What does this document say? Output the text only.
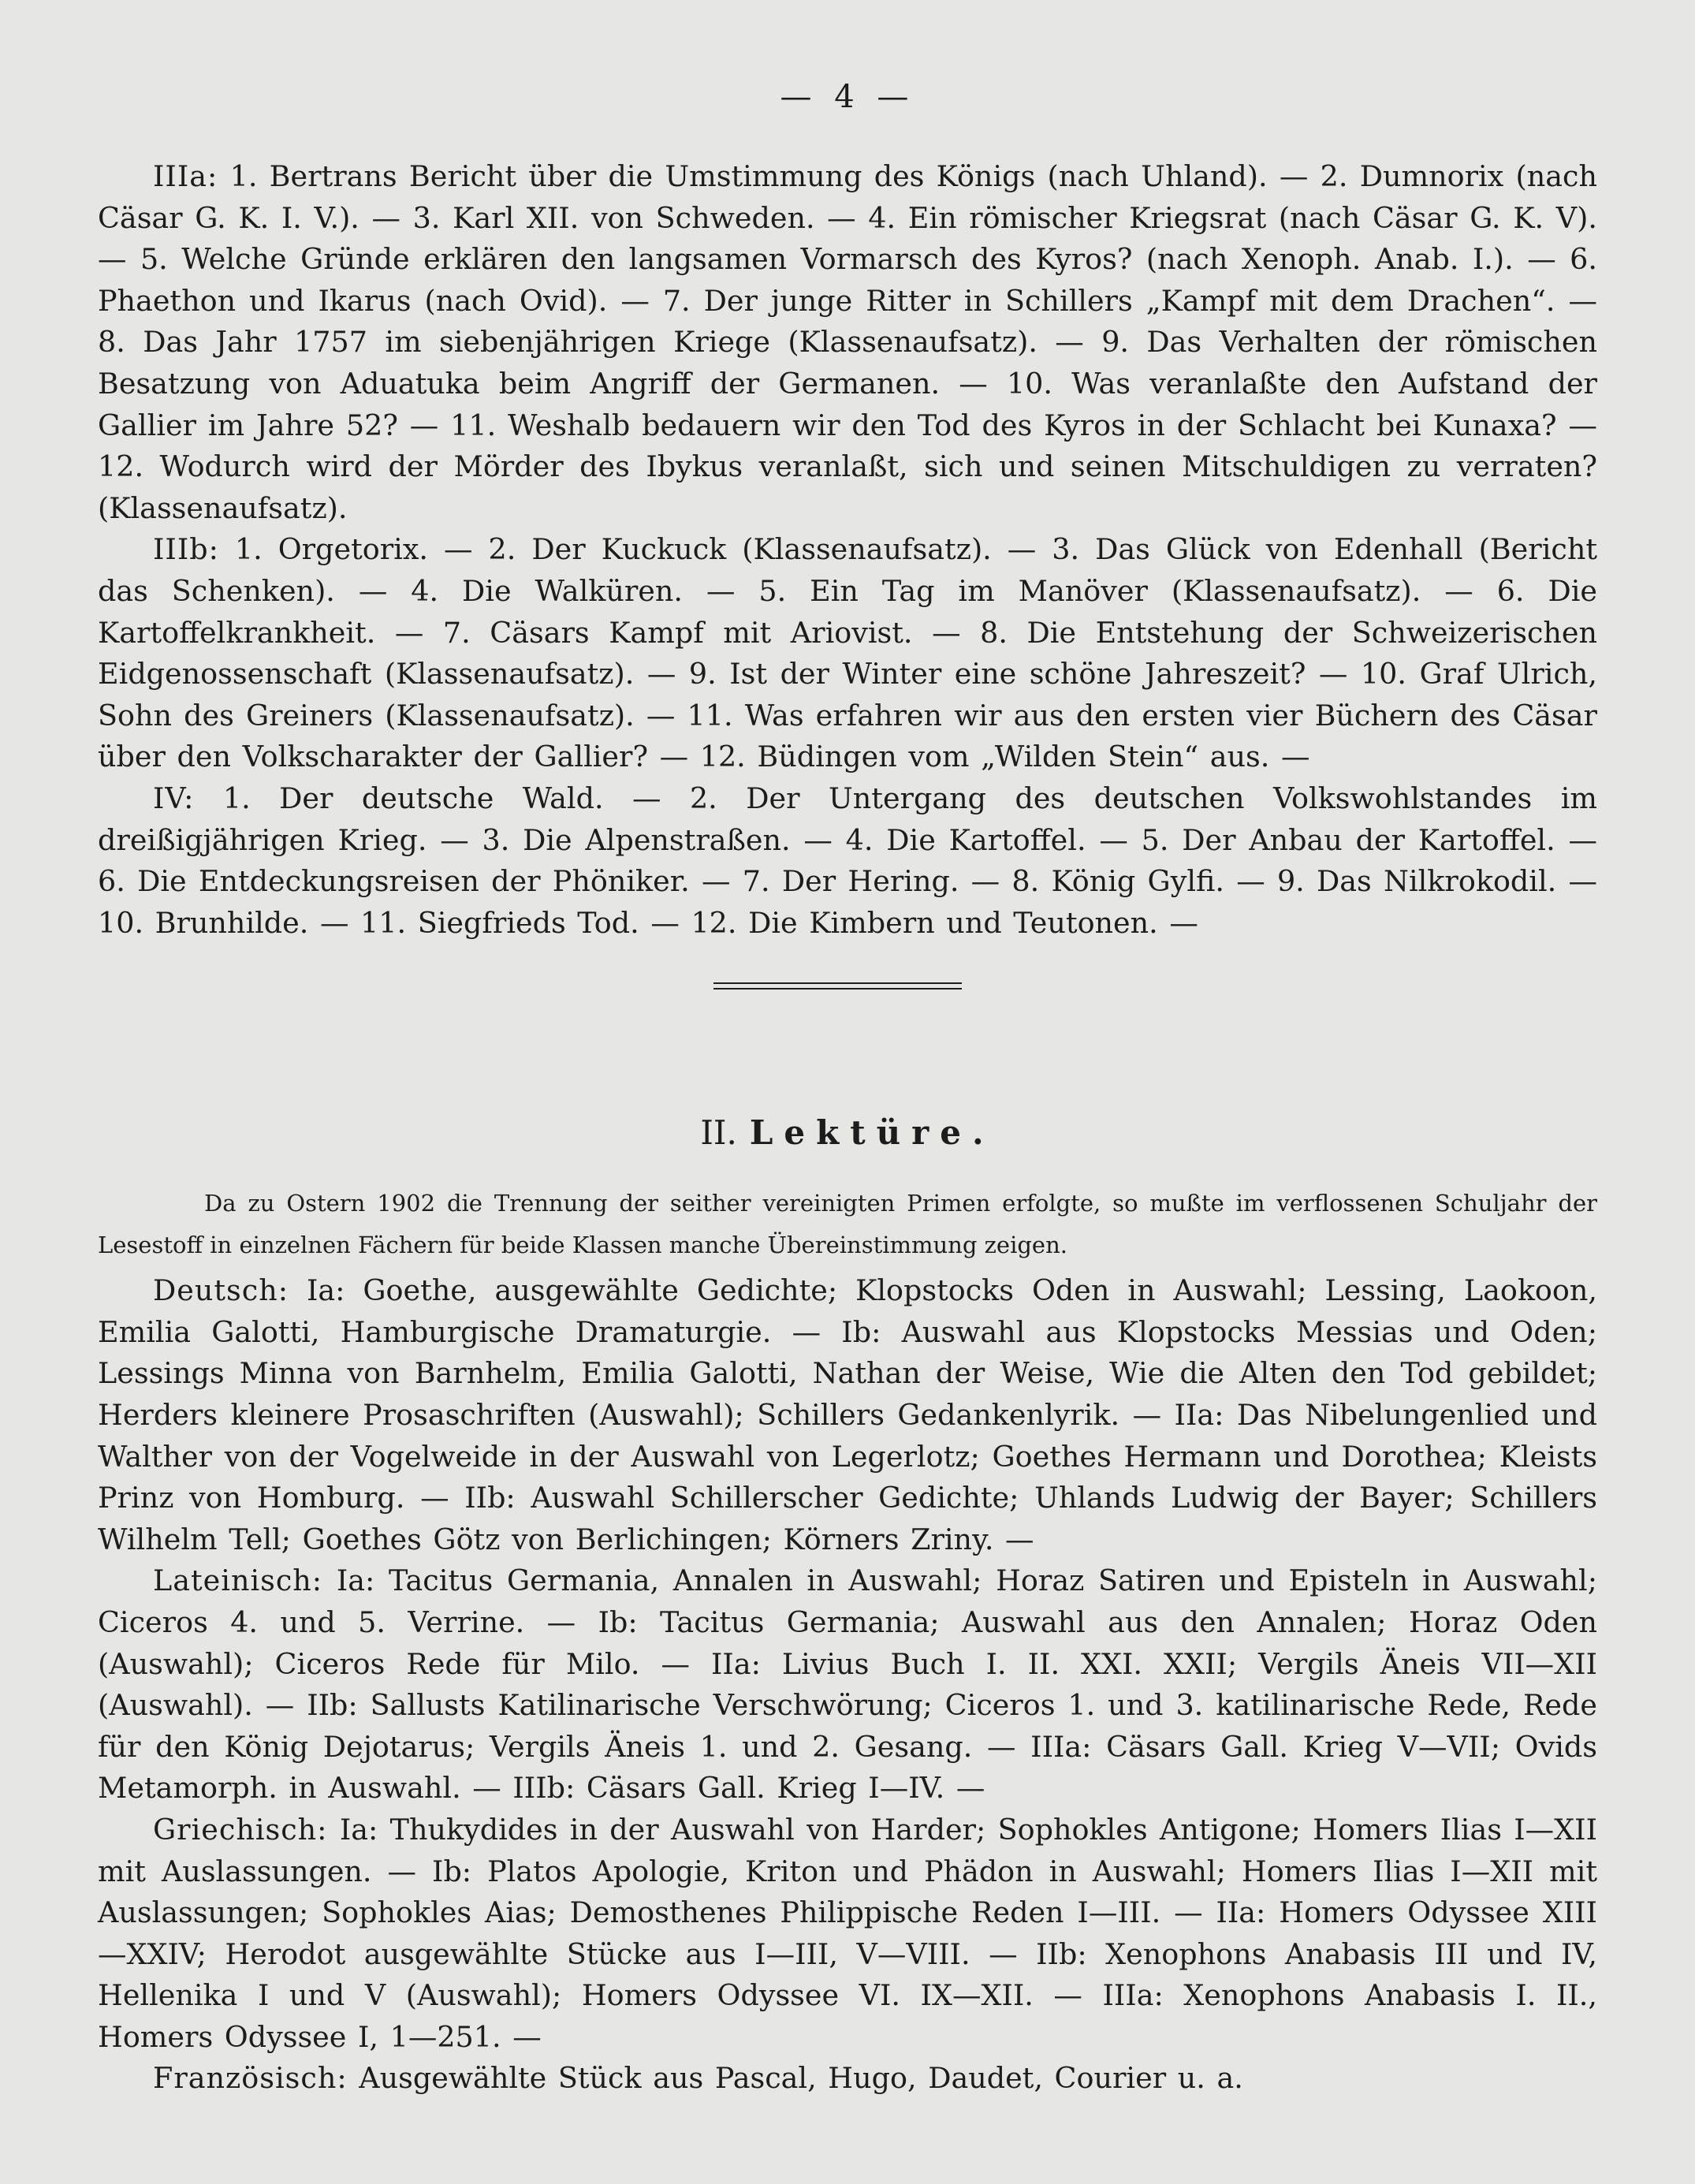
— 4 —

IIIa: 1. Bertrans Bericht über die Umstimmung des Königs (nach Uhland). — 2. Dumnorix (nach Cäsar G. K. I. V.). — 3. Karl XII. von Schweden. — 4. Ein römischer Kriegsrat (nach Cäsar G. K. V). — 5. Welche Gründe erklären den langsamen Vormarsch des Kyros? (nach Xenoph. Anab. I.). — 6. Phaethon und Ikarus (nach Ovid). — 7. Der junge Ritter in Schillers „Kampf mit dem Drachen“. — 8. Das Jahr 1757 im siebenjährigen Kriege (Klassenaufsatz). — 9. Das Verhalten der römischen Besatzung von Aduatuka beim Angriff der Germanen. — 10. Was veranlaßte den Aufstand der Gallier im Jahre 52? — 11. Weshalb bedauern wir den Tod des Kyros in der Schlacht bei Kunaxa? — 12. Wodurch wird der Mörder des Ibykus veranlaßt, sich und seinen Mitschuldigen zu verraten? (Klassenaufsatz).

IIIb: 1. Orgetorix. — 2. Der Kuckuck (Klassenaufsatz). — 3. Das Glück von Edenhall (Bericht das Schenken). — 4. Die Walküren. — 5. Ein Tag im Manöver (Klassenaufsatz). — 6. Die Kartoffelkrankheit. — 7. Cäsars Kampf mit Ariovist. — 8. Die Entstehung der Schweizerischen Eidgenossenschaft (Klassenaufsatz). — 9. Ist der Winter eine schöne Jahreszeit? — 10. Graf Ulrich, Sohn des Greiners (Klassenaufsatz). — 11. Was erfahren wir aus den ersten vier Büchern des Cäsar über den Volkscharakter der Gallier? — 12. Büdingen vom „Wilden Stein“ aus. —

IV: 1. Der deutsche Wald. — 2. Der Untergang des deutschen Volkswohlstandes im dreißigjährigen Krieg. — 3. Die Alpenstraßen. — 4. Die Kartoffel. — 5. Der Anbau der Kartoffel. — 6. Die Entdeckungsreisen der Phöniker. — 7. Der Hering. — 8. König Gylfi. — 9. Das Nilkrokodil. — 10. Brunhilde. — 11. Siegfrieds Tod. — 12. Die Kimbern und Teutonen. —

II. Lektüre.

Da zu Ostern 1902 die Trennung der seither vereinigten Primen erfolgte, so mußte im verflossenen Schuljahr der Lesestoff in einzelnen Fächern für beide Klassen manche Übereinstimmung zeigen.

Deutsch: Ia: Goethe, ausgewählte Gedichte; Klopstocks Oden in Auswahl; Lessing, Laokoon, Emilia Galotti, Hamburgische Dramaturgie. — Ib: Auswahl aus Klopstocks Messias und Oden; Lessings Minna von Barnhelm, Emilia Galotti, Nathan der Weise, Wie die Alten den Tod gebildet; Herders kleinere Prosaschriften (Auswahl); Schillers Gedankenlyrik. — IIa: Das Nibelungenlied und Walther von der Vogelweide in der Auswahl von Legerlotz; Goethes Hermann und Dorothea; Kleists Prinz von Homburg. — IIb: Auswahl Schillerscher Gedichte; Uhlands Ludwig der Bayer; Schillers Wilhelm Tell; Goethes Götz von Berlichingen; Körners Zriny. —

Lateinisch: Ia: Tacitus Germania, Annalen in Auswahl; Horaz Satiren und Episteln in Auswahl; Ciceros 4. und 5. Verrine. — Ib: Tacitus Germania; Auswahl aus den Annalen; Horaz Oden (Auswahl); Ciceros Rede für Milo. — IIa: Livius Buch I. II. XXI. XXII; Vergils Äneis VII—XII (Auswahl). — IIb: Sallusts Katilinarische Verschwörung; Ciceros 1. und 3. katilinarische Rede, Rede für den König Dejotarus; Vergils Äneis 1. und 2. Gesang. — IIIa: Cäsars Gall. Krieg V—VII; Ovids Metamorph. in Auswahl. — IIIb: Cäsars Gall. Krieg I—IV. —

Griechisch: Ia: Thukydides in der Auswahl von Harder; Sophokles Antigone; Homers Ilias I—XII mit Auslassungen. — Ib: Platos Apologie, Kriton und Phädon in Auswahl; Homers Ilias I—XII mit Auslassungen; Sophokles Aias; Demosthenes Philippische Reden I—III. — IIa: Homers Odyssee XIII—XXIV; Herodot ausgewählte Stücke aus I—III, V—VIII. — IIb: Xenophons Anabasis III und IV, Hellenika I und V (Auswahl); Homers Odyssee VI. IX—XII. — IIIa: Xenophons Anabasis I. II., Homers Odyssee I, 1—251. —

Französisch: Ausgewählte Stück aus Pascal, Hugo, Daudet, Courier u. a.
